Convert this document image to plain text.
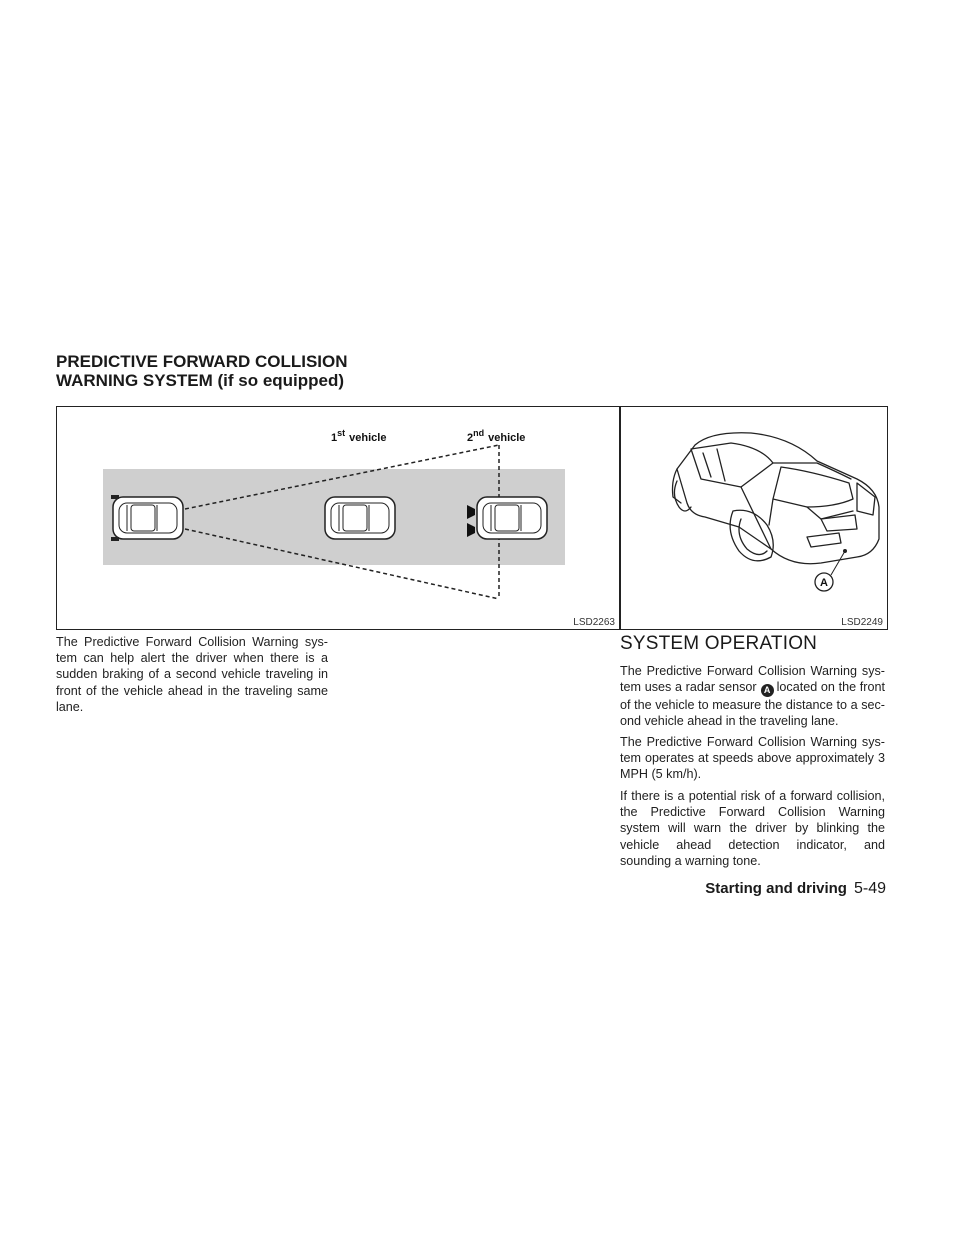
PREDICTIVE FORWARD COLLISION
WARNING SYSTEM (if so equipped)
1st vehicle	2nd vehicle
LSD2263
A
LSD2249

The Predictive Forward Collision Warning sys-tem can help alert the driver when there is a sudden braking of a second vehicle traveling in front of the vehicle ahead in the traveling same lane.

SYSTEM OPERATION

The Predictive Forward Collision Warning sys-tem uses a radar sensor A located on the front of the vehicle to measure the distance to a sec-ond vehicle ahead in the traveling lane.

The Predictive Forward Collision Warning sys-tem operates at speeds above approximately 3 MPH (5 km/h).

If there is a potential risk of a forward collision, the Predictive Forward Collision Warning system will warn the driver by blinking the vehicle ahead detection indicator, and sounding a warning tone.

Starting and driving 5-49
